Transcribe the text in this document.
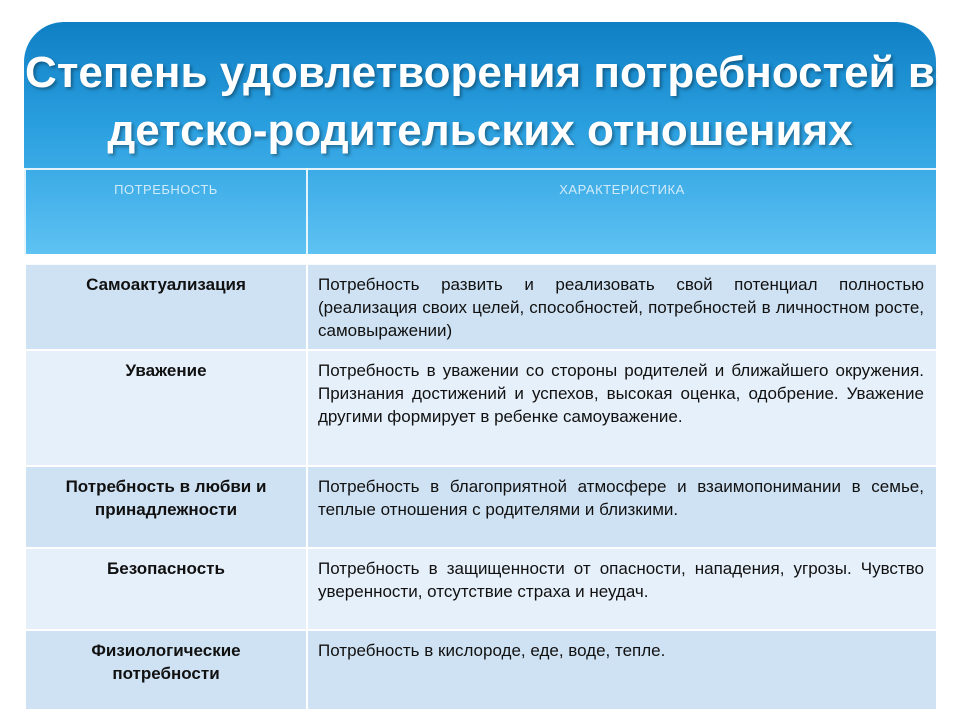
Степень удовлетворения потребностей в детско-родительских отношениях
ПОТРЕБНОСТЬ	ХАРАКТЕРИСТИКА
Самоактуализация	Потребность развить и реализовать свой потенциал полностью (реализация своих целей, способностей, потребностей в личностном росте, самовыражении)
Уважение	Потребность в уважении со стороны родителей и ближайшего окружения. Признания достижений и успехов, высокая оценка, одобрение. Уважение другими формирует в ребенке самоуважение.
Потребность в любви и принадлежности	Потребность в благоприятной атмосфере и взаимопонимании в семье, теплые отношения с родителями и близкими.
Безопасность	Потребность в защищенности от опасности, нападения, угрозы. Чувство уверенности, отсутствие страха и неудач.
Физиологические потребности	Потребность в кислороде, еде, воде, тепле.
